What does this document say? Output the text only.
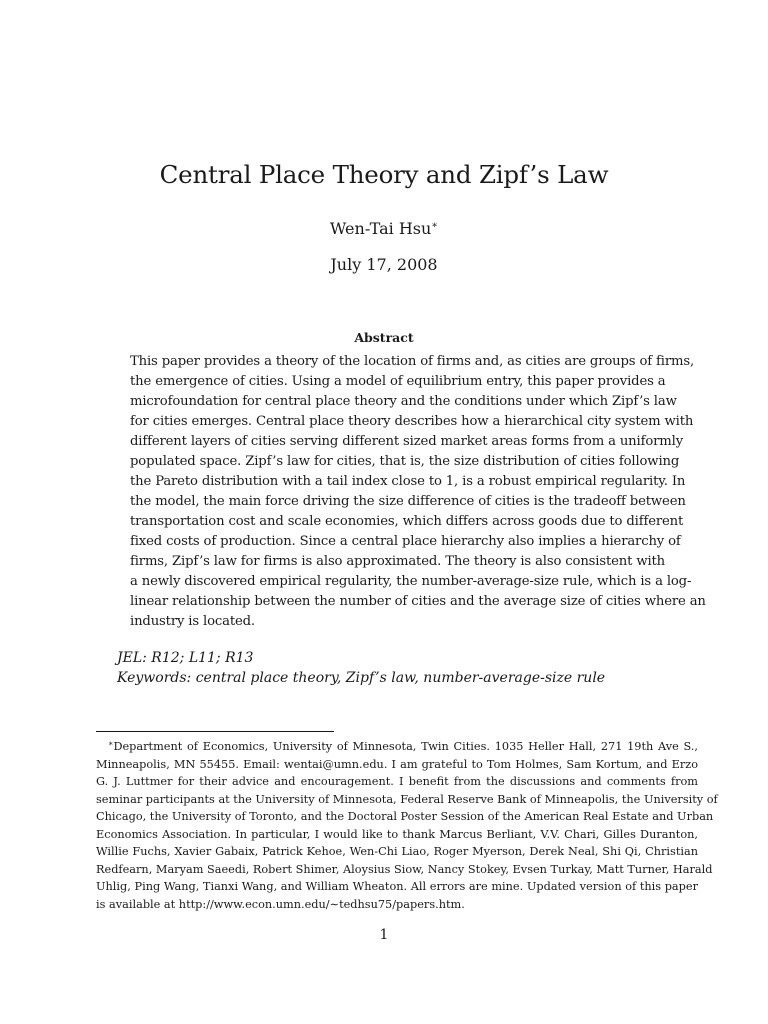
Central Place Theory and Zipf’s Law
Wen-Tai Hsu∗
July 17, 2008
Abstract
This paper provides a theory of the location of firms and, as cities are groups of firms,
the emergence of cities. Using a model of equilibrium entry, this paper provides a
microfoundation for central place theory and the conditions under which Zipf’s law
for cities emerges. Central place theory describes how a hierarchical city system with
different layers of cities serving different sized market areas forms from a uniformly
populated space. Zipf’s law for cities, that is, the size distribution of cities following
the Pareto distribution with a tail index close to 1, is a robust empirical regularity. In
the model, the main force driving the size difference of cities is the tradeoff between
transportation cost and scale economies, which differs across goods due to different
fixed costs of production. Since a central place hierarchy also implies a hierarchy of
firms, Zipf’s law for firms is also approximated. The theory is also consistent with
a newly discovered empirical regularity, the number-average-size rule, which is a log-
linear relationship between the number of cities and the average size of cities where an
industry is located.
JEL: R12; L11; R13
Keywords: central place theory, Zipf’s law, number-average-size rule
∗Department of Economics, University of Minnesota, Twin Cities. 1035 Heller Hall, 271 19th Ave S.,
Minneapolis, MN 55455. Email: wentai@umn.edu. I am grateful to Tom Holmes, Sam Kortum, and Erzo
G. J. Luttmer for their advice and encouragement. I benefit from the discussions and comments from
seminar participants at the University of Minnesota, Federal Reserve Bank of Minneapolis, the University of
Chicago, the University of Toronto, and the Doctoral Poster Session of the American Real Estate and Urban
Economics Association. In particular, I would like to thank Marcus Berliant, V.V. Chari, Gilles Duranton,
Willie Fuchs, Xavier Gabaix, Patrick Kehoe, Wen-Chi Liao, Roger Myerson, Derek Neal, Shi Qi, Christian
Redfearn, Maryam Saeedi, Robert Shimer, Aloysius Siow, Nancy Stokey, Evsen Turkay, Matt Turner, Harald
Uhlig, Ping Wang, Tianxi Wang, and William Wheaton. All errors are mine. Updated version of this paper
is available at http://www.econ.umn.edu/∼tedhsu75/papers.htm.
1
